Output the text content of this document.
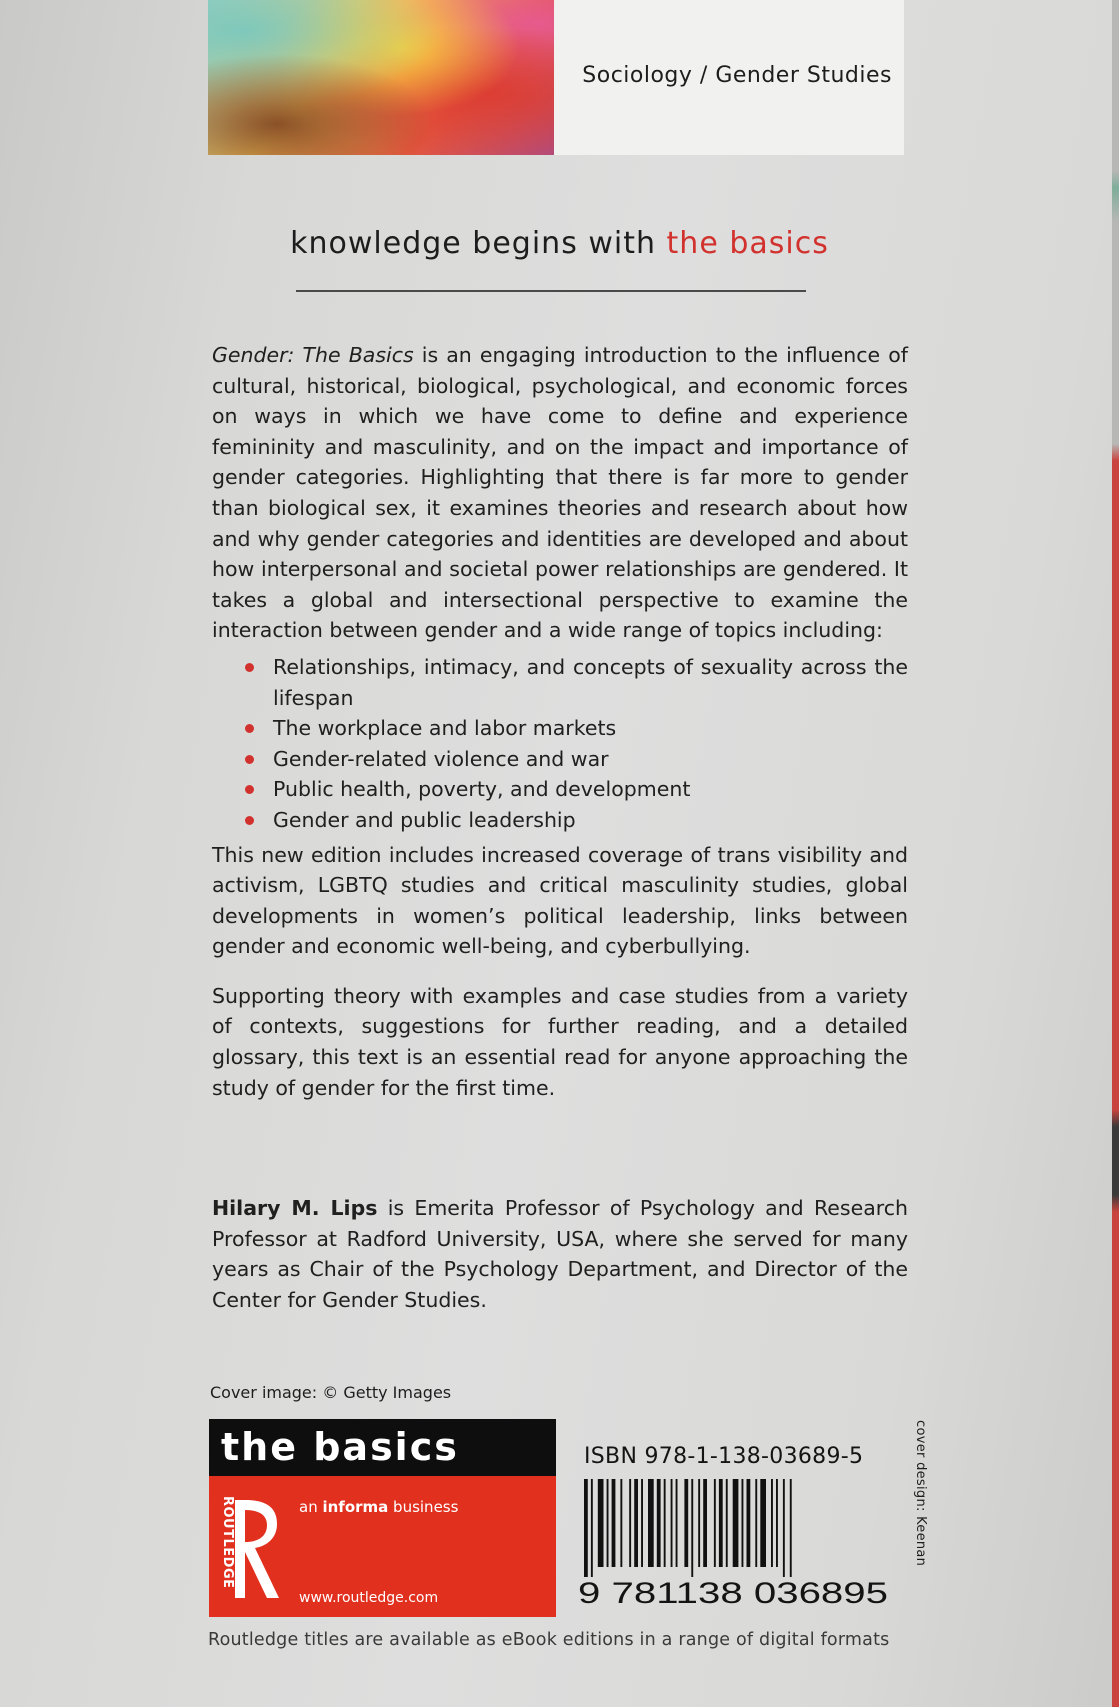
Sociology / Gender Studies
knowledge begins with the basics

Gender: The Basics is an engaging introduction to the influence of cultural, historical, biological, psychological, and economic forces on ways in which we have come to define and experience femininity and masculinity, and on the impact and importance of gender categories. Highlighting that there is far more to gender than biological sex, it examines theories and research about how and why gender categories and identities are developed and about how interpersonal and societal power relationships are gendered. It takes a global and intersectional perspective to examine the interaction between gender and a wide range of topics including:

Relationships, intimacy, and concepts of sexuality across the lifespan
The workplace and labor markets
Gender-related violence and war
Public health, poverty, and development
Gender and public leadership

This new edition includes increased coverage of trans visibility and activism, LGBTQ studies and critical masculinity studies, global developments in women’s political leadership, links between gender and economic well-being, and cyberbullying.

Supporting theory with examples and case studies from a variety of contexts, suggestions for further reading, and a detailed glossary, this text is an essential read for anyone approaching the study of gender for the first time.

Hilary M. Lips is Emerita Professor of Psychology and Research Professor at Radford University, USA, where she served for many years as Chair of the Psychology Department, and Director of the Center for Gender Studies.
Cover image: © Getty Images
the basics
ROUTLEDGE	an informa business
www.routledge.com
ISBN 978-1-138-03689-5
9 781138 036895
cover design: Keenan
Routledge titles are available as eBook editions in a range of digital formats
